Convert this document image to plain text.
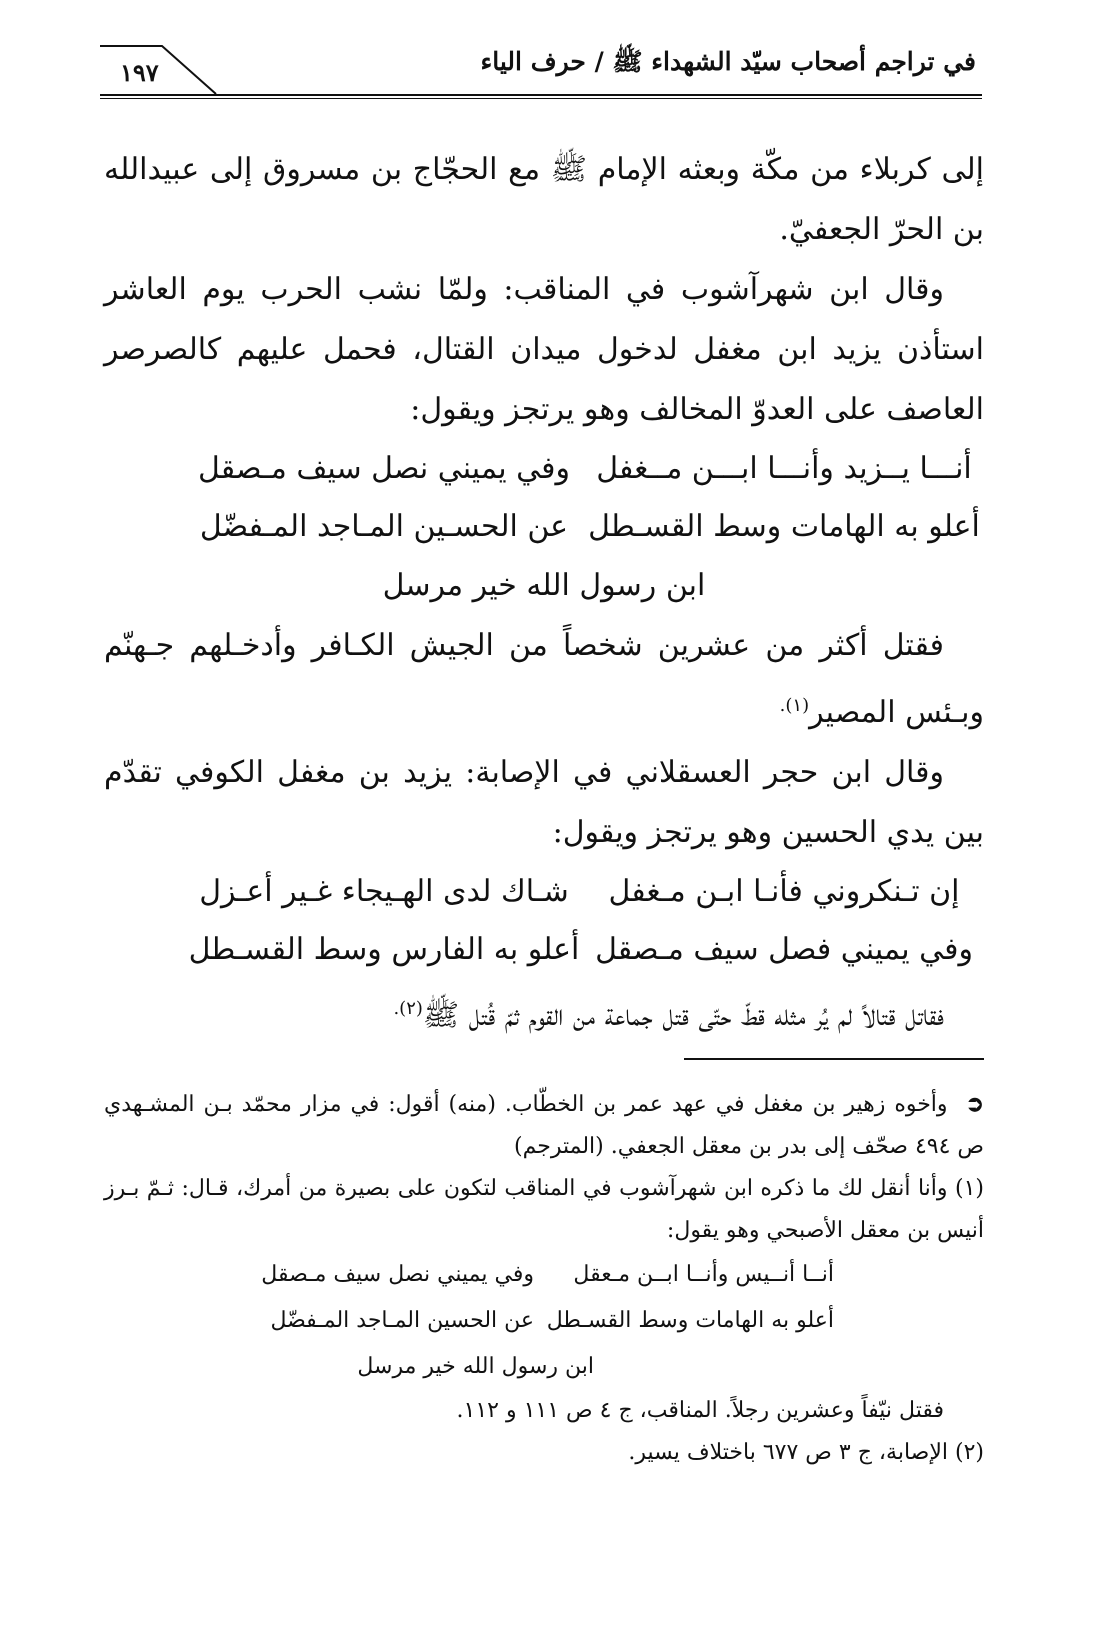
في تراجم أصحاب سيّد الشهداء ﷺ / حرف الياء
١٩٧

إلى كربلاء من مكّة وبعثه الإمام ﷺ مع الحجّاج بن مسروق إلى عبيدالله بن الحرّ الجعفيّ.

وقال ابن شهرآشوب في المناقب: ولمّا نشب الحرب يوم العاشر استأذن يزيد ابن مغفل لدخول ميدان القتال، فحمل عليهم كالصرصر العاصف على العدوّ المخالف وهو يرتجز ويقول:

أنـــا يــزيد وأنـــا ابـــن مــغفل
وفي يميني نصل سيف مـصقل
أعلو به الهامات وسط القسـطل
عن الحسـين المـاجد المـفضّل
ابن رسول الله خير مرسل

فقتل أكثر من عشرين شخصاً من الجيش الكـافر وأدخـلهم جـهنّم وبـئس المصير$^{(١).}$

وقال ابن حجر العسقلاني في الإصابة: يزيد بن مغفل الكوفي تقدّم بين يدي الحسين وهو يرتجز ويقول:

إن تـنكروني فأنـا ابـن مـغفل
شـاك لدى الهـيجاء غـير أعـزل
وفي يميني فصل سيف مـصقل
أعلو به الفارس وسط القسـطل

فقاتل قتالاً لم يُر مثله قطّ حتّى قتل جماعة من القوم ثمّ قُتل ﷺ$^{(٢).}$

➲وأخوه زهير بن مغفل في عهد عمر بن الخطّاب. (منه) أقول: في مزار محمّد بـن المشـهدي ص ٤٩٤ صحّف إلى بدر بن معقل الجعفي. (المترجم)

(١) وأنا أنقل لك ما ذكره ابن شهرآشوب في المناقب لتكون على بصيرة من أمرك، قـال: ثـمّ بـرز أنيس بن معقل الأصبحي وهو يقول:

أنــا أنــيس وأنــا ابــن مـعقل
وفي يميني نصل سيف مـصقل
أعلو به الهامات وسط القسـطل
عن الحسين المـاجد المـفضّل
ابن رسول الله خير مرسل

فقتل نيّفاً وعشرين رجلاً. المناقب، ج ٤ ص ١١١ و ١١٢.

(٢) الإصابة، ج ٣ ص ٦٧٧ باختلاف يسير.
